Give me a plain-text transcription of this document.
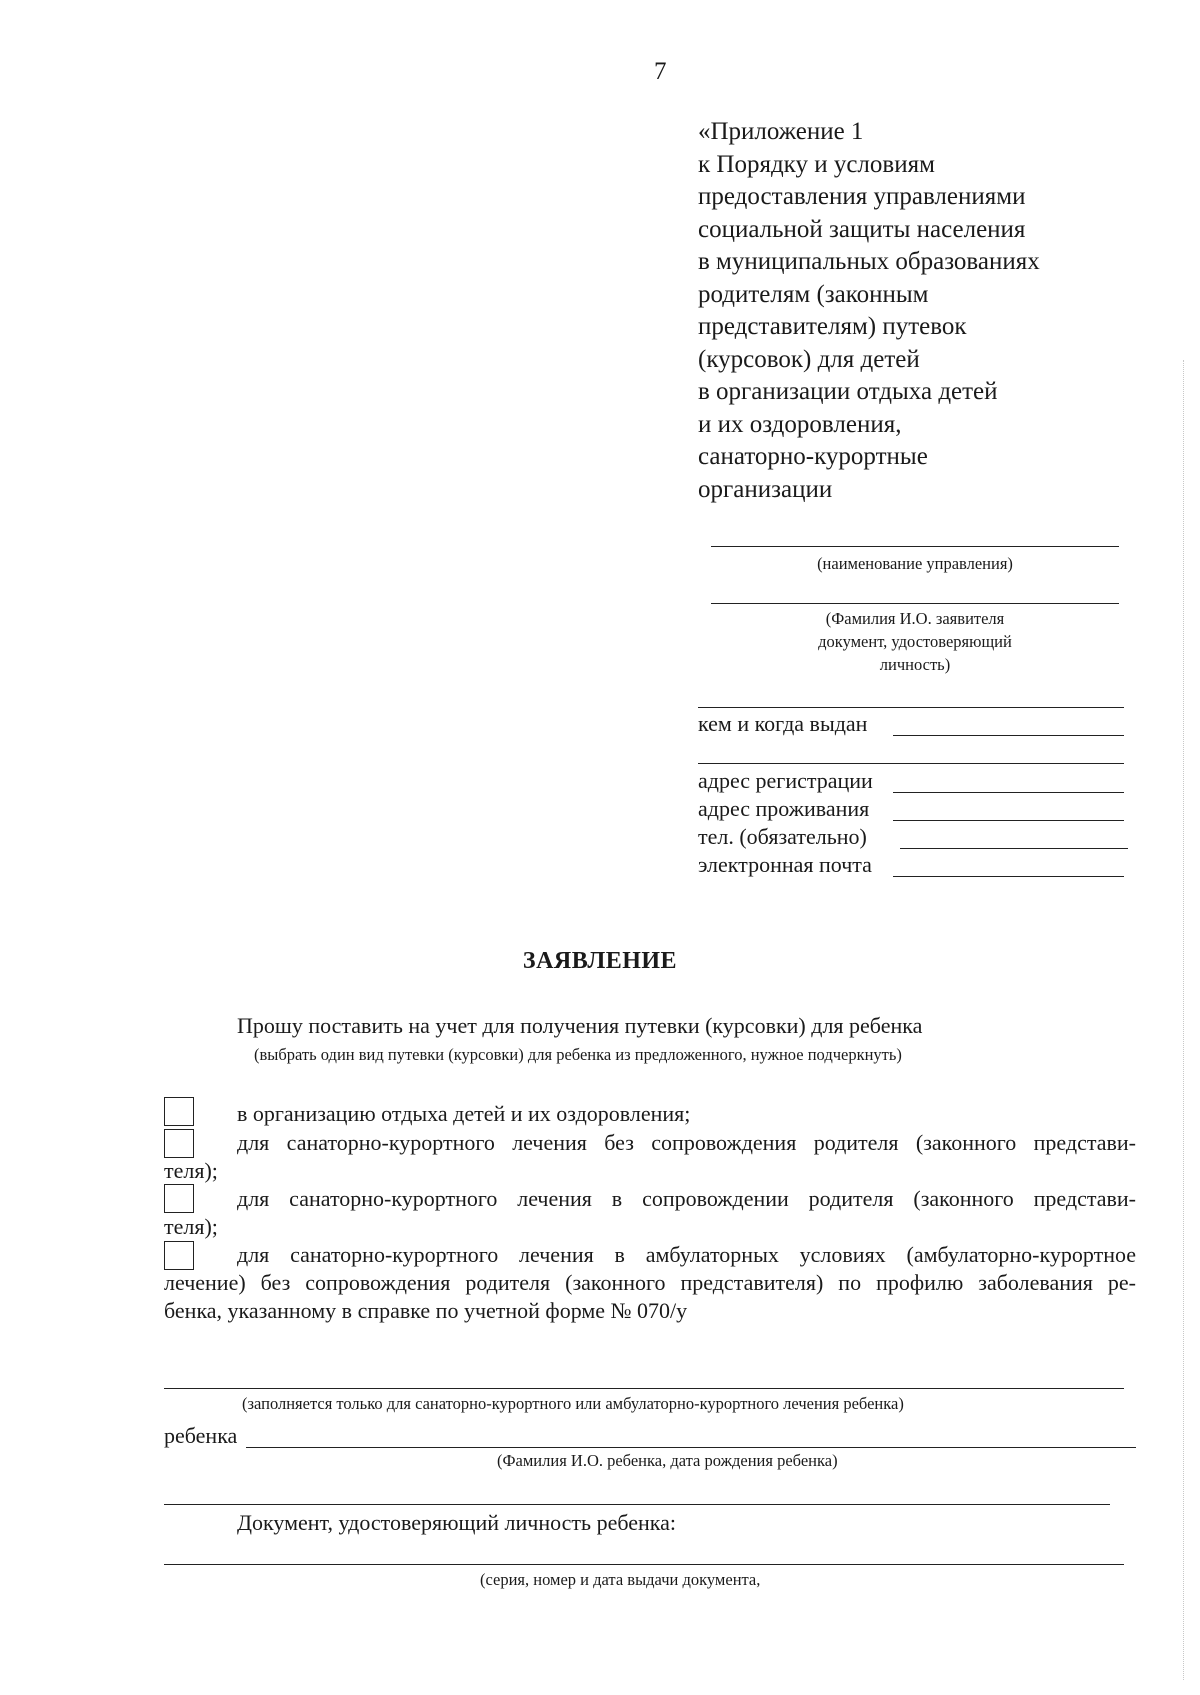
7
«Приложение 1
к Порядку и условиям
предоставления управлениями
социальной защиты населения
в муниципальных образованиях
родителям (законным
представителям) путевок
(курсовок) для детей
в организации отдыха детей
и их оздоровления,
санаторно-курортные
организации
(наименование управления)
(Фамилия И.О. заявителя
документ, удостоверяющий
личность)
кем и когда выдан
адрес регистрации
адрес проживания
тел. (обязательно)
электронная почта
ЗАЯВЛЕНИЕ
Прошу поставить на учет для получения путевки (курсовки) для ребенка
(выбрать один вид путевки (курсовки) для ребенка из предложенного, нужное подчеркнуть)
в организацию отдыха детей и их оздоровления;
для санаторно-курортного лечения без сопровождения родителя (законного представи-
теля);
для санаторно-курортного лечения в сопровождении родителя (законного представи-
теля);
для санаторно-курортного лечения в амбулаторных условиях (амбулаторно-курортное
лечение) без сопровождения родителя (законного представителя) по профилю заболевания ре-
бенка, указанному в справке по учетной форме № 070/у
(заполняется только для санаторно-курортного или амбулаторно-курортного лечения ребенка)
ребенка
(Фамилия И.О. ребенка, дата рождения ребенка)
Документ, удостоверяющий личность ребенка:
(серия, номер и дата выдачи документа,
